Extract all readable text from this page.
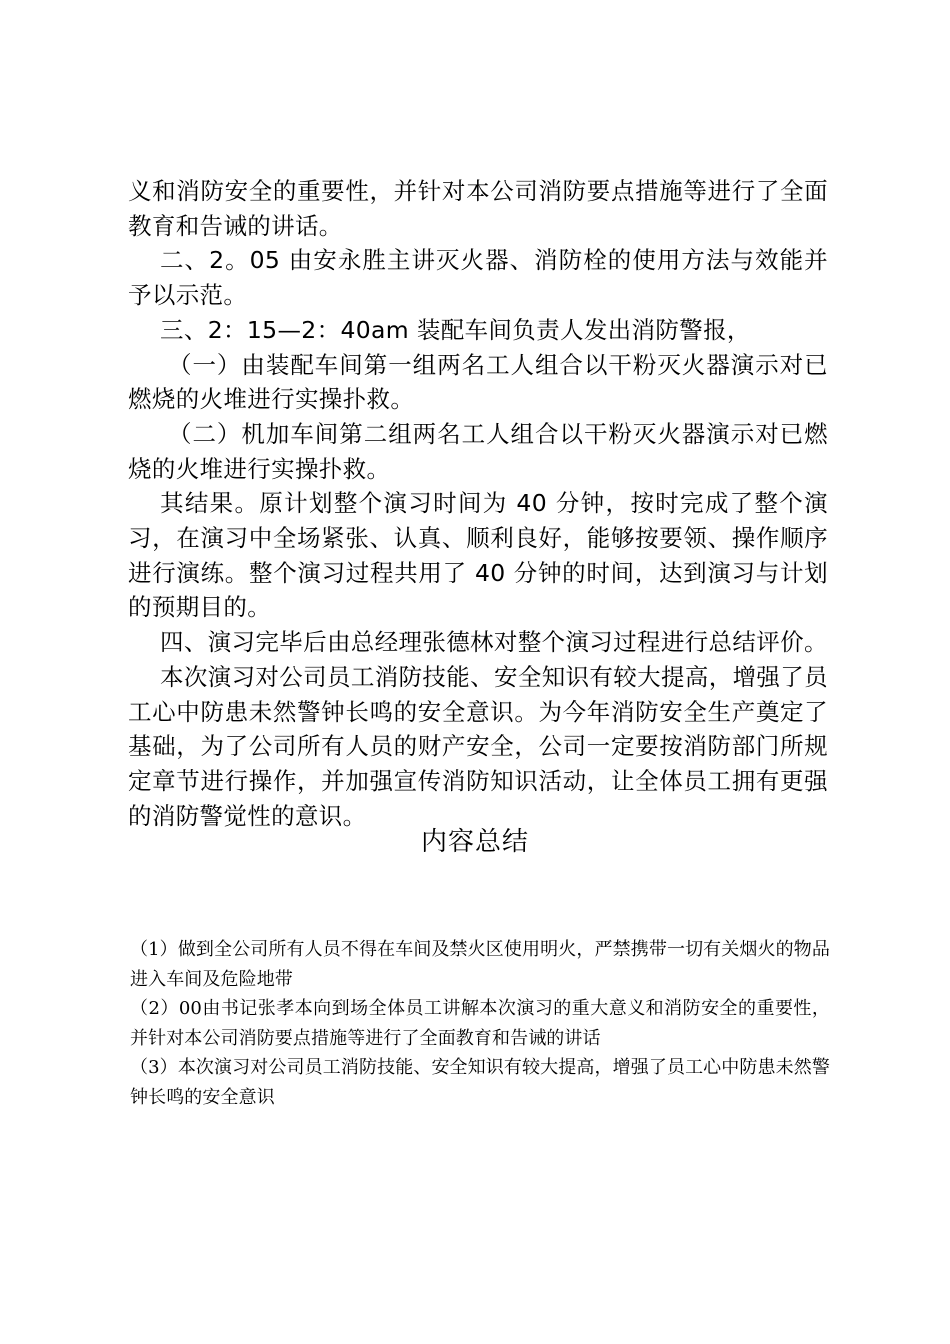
义和消防安全的重要性，并针对本公司消防要点措施等进行了全面教育和告诫的讲话。

二、2。05 由安永胜主讲灭火器、消防栓的使用方法与效能并予以示范。

三、2：15—2：40am 装配车间负责人发出消防警报，

（一）由装配车间第一组两名工人组合以干粉灭火器演示对已燃烧的火堆进行实操扑救。

（二）机加车间第二组两名工人组合以干粉灭火器演示对已燃烧的火堆进行实操扑救。

其结果。原计划整个演习时间为 40 分钟，按时完成了整个演习，在演习中全场紧张、认真、顺利良好，能够按要领、操作顺序进行演练。整个演习过程共用了 40 分钟的时间，达到演习与计划的预期目的。

四、演习完毕后由总经理张德林对整个演习过程进行总结评价。

本次演习对公司员工消防技能、安全知识有较大提高，增强了员工心中防患未然警钟长鸣的安全意识。为今年消防安全生产奠定了基础，为了公司所有人员的财产安全，公司一定要按消防部门所规定章节进行操作，并加强宣传消防知识活动，让全体员工拥有更强的消防警觉性的意识。

内容总结
（1）做到全公司所有人员不得在车间及禁火区使用明火，严禁携带一切有关烟火的物品进入车间及危险地带
（2）00由书记张孝本向到场全体员工讲解本次演习的重大意义和消防安全的重要性，并针对本公司消防要点措施等进行了全面教育和告诫的讲话
（3）本次演习对公司员工消防技能、安全知识有较大提高，增强了员工心中防患未然警钟长鸣的安全意识
